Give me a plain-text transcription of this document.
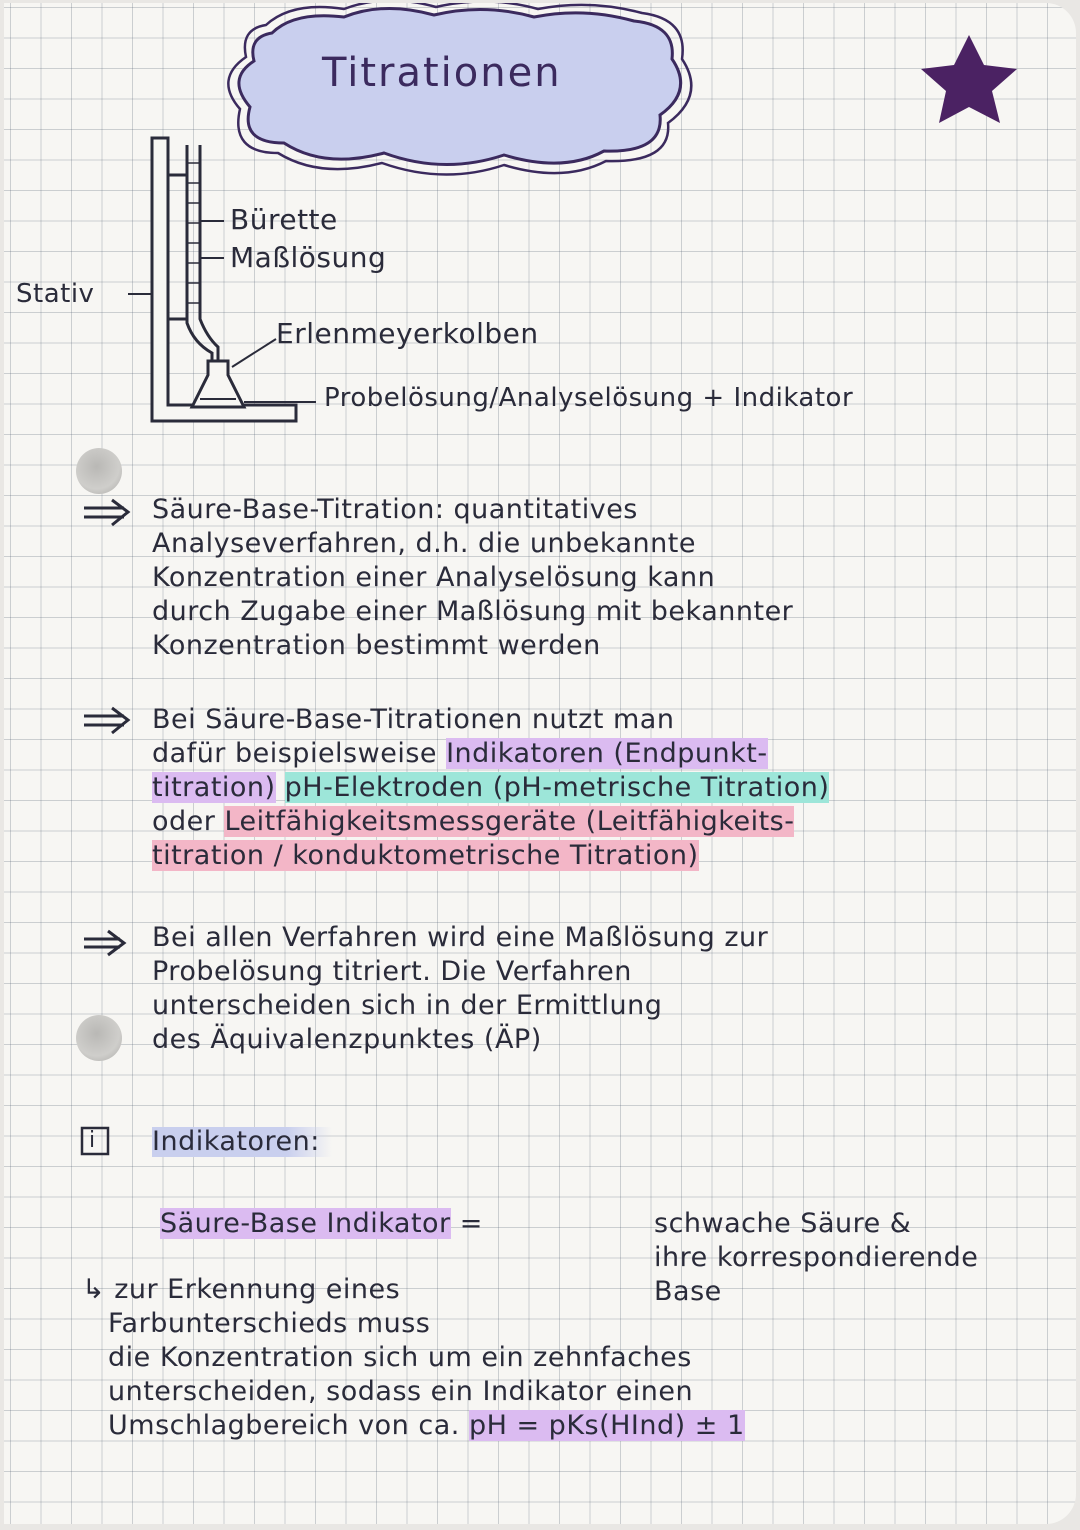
Titrationen
Stativ
Bürette
Maßlösung
Erlenmeyerkolben
Probelösung/Analyselösung + Indikator
Säure-Base-Titration: quantitatives
Analyseverfahren, d.h. die unbekannte
Konzentration einer Analyselösung kann
durch Zugabe einer Maßlösung mit bekannter
Konzentration bestimmt werden
Bei Säure-Base-Titrationen nutzt man
dafür beispielsweise Indikatoren (Endpunkt-
titration) pH-Elektroden (pH-metrische Titration)
oder Leitfähigkeitsmessgeräte (Leitfähigkeits-
titration / konduktometrische Titration)
Bei allen Verfahren wird eine Maßlösung zur
Probelösung titriert. Die Verfahren
unterscheiden sich in der Ermittlung
des Äquivalenzpunktes (ÄP)
i Indikatoren:
Säure-Base Indikator =	schwache Säure &
ihre korrespondierende
Base
↳ zur Erkennung eines
Farbunterschieds muss
die Konzentration sich um ein zehnfaches
unterscheiden, sodass ein Indikator einen
Umschlagbereich von ca. pH = pKs(HInd) ± 1
